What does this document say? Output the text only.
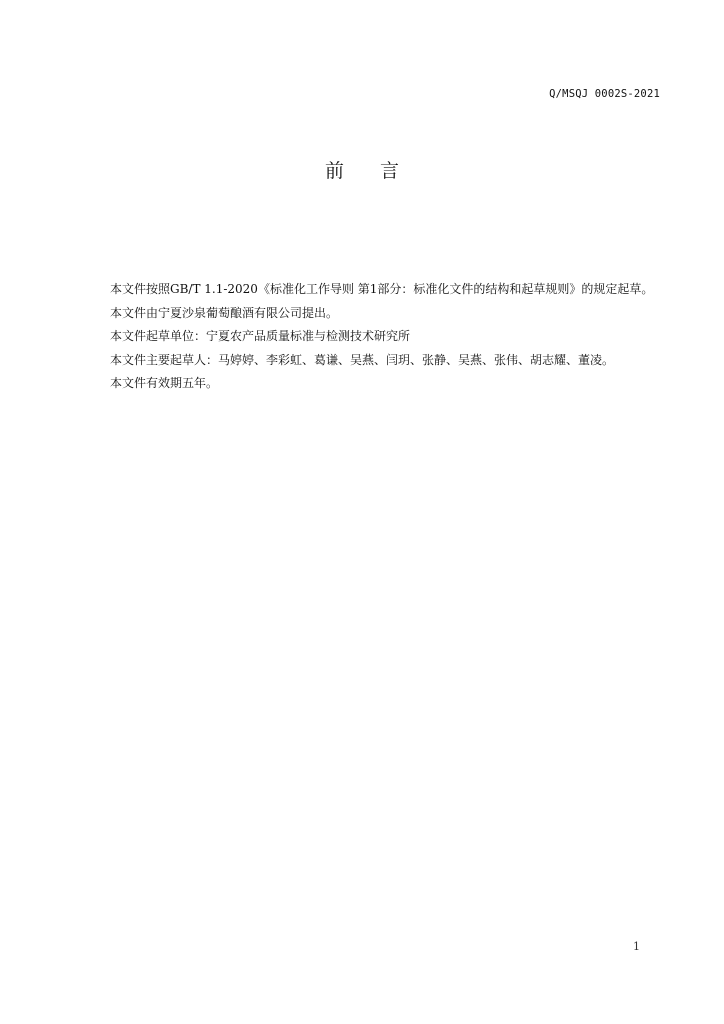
Q/MSQJ 0002S-2021
前言

本文件按照GB/T 1.1-2020《标准化工作导则 第1部分：标准化文件的结构和起草规则》的规定起草。

本文件由宁夏沙泉葡萄酿酒有限公司提出。

本文件起草单位：宁夏农产品质量标准与检测技术研究所

本文件主要起草人：马婷婷、李彩虹、葛谦、吴燕、闫玥、张静、吴燕、张伟、胡志耀、董凌。

本文件有效期五年。

1
